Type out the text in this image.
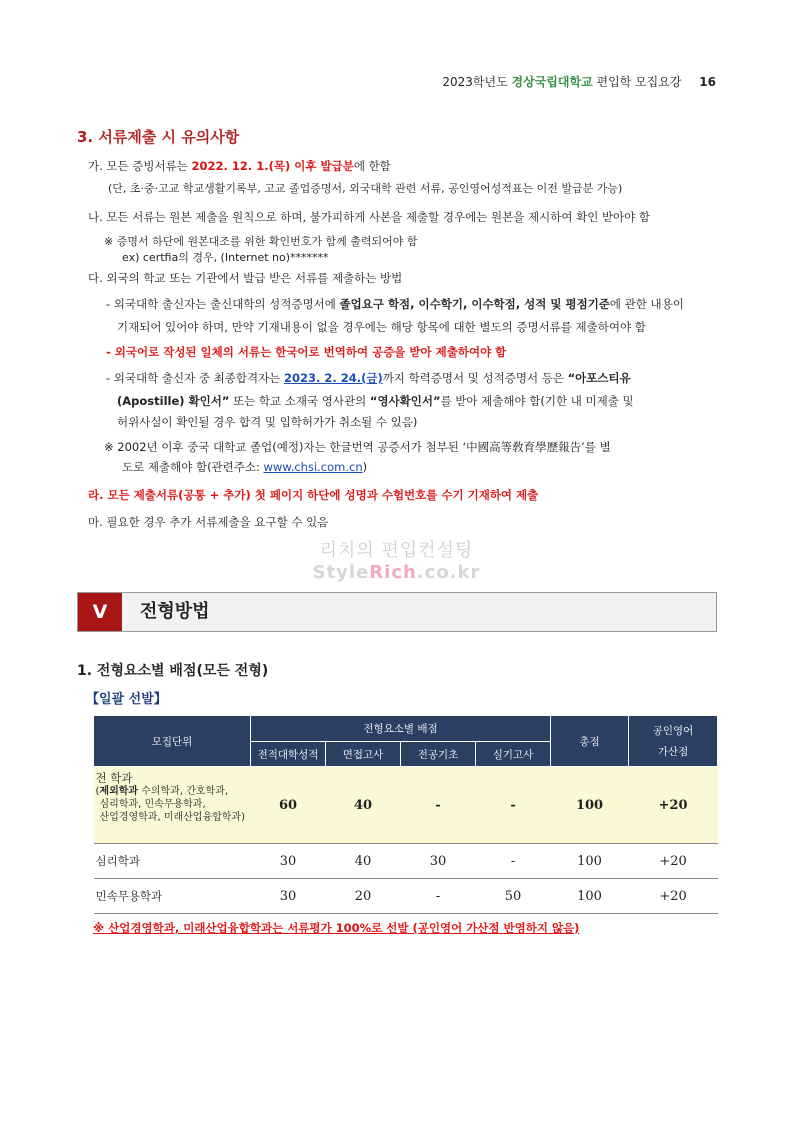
2023학년도 경상국립대학교 편입학 모집요강 16
3. 서류제출 시 유의사항
가. 모든 증빙서류는 2022. 12. 1.(목) 이후 발급분에 한함
(단, 초·중·고교 학교생활기록부, 고교 졸업증명서, 외국대학 관련 서류, 공인영어성적표는 이전 발급분 가능)
나. 모든 서류는 원본 제출을 원칙으로 하며, 불가피하게 사본을 제출할 경우에는 원본을 제시하여 확인 받아야 함
※ 증명서 하단에 원본대조를 위한 확인번호가 함께 출력되어야 함
ex) certfia의 경우, (Internet no)*******
다. 외국의 학교 또는 기관에서 발급 받은 서류를 제출하는 방법
- 외국대학 출신자는 출신대학의 성적증명서에 졸업요구 학점, 이수학기, 이수학점, 성적 및 평점기준에 관한 내용이
기재되어 있어야 하며, 만약 기재내용이 없을 경우에는 해당 항목에 대한 별도의 증명서류를 제출하여야 함
- 외국어로 작성된 일체의 서류는 한국어로 번역하여 공증을 받아 제출하여야 함
- 외국대학 출신자 중 최종합격자는 2023. 2. 24.(금)까지 학력증명서 및 성적증명서 등은 “아포스티유
(Apostille) 확인서” 또는 학교 소재국 영사관의 “영사확인서”를 받아 제출해야 함(기한 내 미제출 및
허위사실이 확인될 경우 합격 및 입학허가가 취소될 수 있음)
※ 2002년 이후 중국 대학교 졸업(예정)자는 한글번역 공증서가 첨부된 ‘中國高等敎育學歷報告’를 별
도로 제출해야 함(관련주소: www.chsi.com.cn)
라. 모든 제출서류(공통 + 추가) 첫 페이지 하단에 성명과 수험번호를 수기 기재하여 제출
마. 필요한 경우 추가 서류제출을 요구할 수 있음
리치의 편입컨설팅
StyleRich.co.kr
V	전형방법
1. 전형요소별 배점(모든 전형)
【일괄 선발】
모집단위	전형요소별 배점				총점	공인영어
가산점

	전적대학성적	면접고사	전공기초	실기고사		

전 학과
(제외학과 수의학과, 간호학과,
심리학과, 민속무용학과,
산업경영학과, 미래산업융합학과)	60	40	-	-	100	+20
심리학과	30	40	30	-	100	+20
민속무용학과	30	20	-	50	100	+20
※ 산업경영학과, 미래산업융합학과는 서류평가 100%로 선발 (공인영어 가산점 반영하지 않음)
